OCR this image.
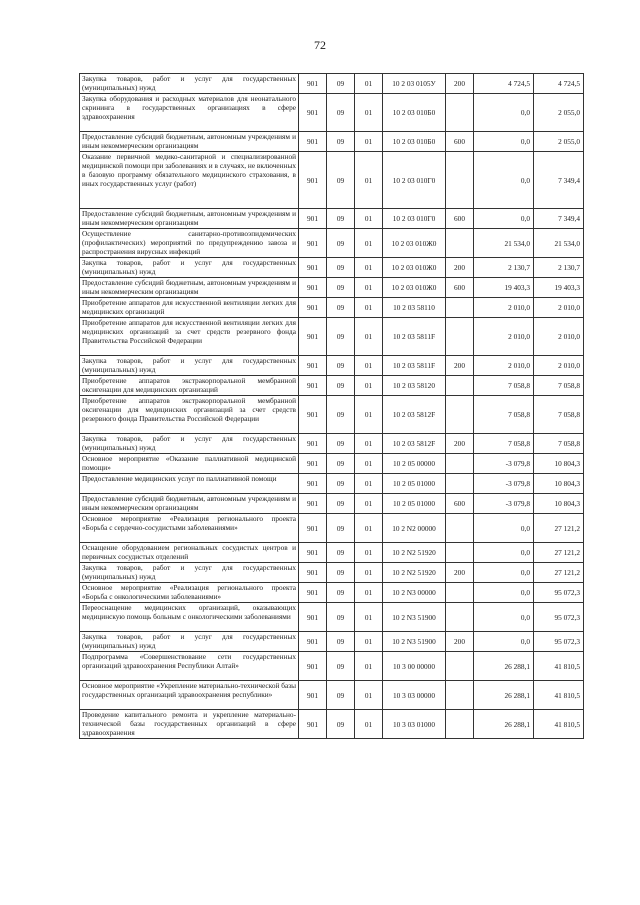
72
Закупка товаров, работ и услуг для государственных (муниципальных) нужд	901	09	01	10 2 03 0105У	200	4 724,5	4 724,5
Закупка оборудования и расходных материалов для неонатального скрининга в государственных организациях в сфере здравоохранения	901	09	01	10 2 03 010Б0		0,0	2 055,0
Предоставление субсидий бюджетным, автономным учреждениям и иным некоммерческим организациям	901	09	01	10 2 03 010Б0	600	0,0	2 055,0
Оказание первичной медико-санитарной и специализированной медицинской помощи при заболеваниях и в случаях, не включенных в базовую программу обязательного медицинского страхования, в иных государственных услуг (работ)	901	09	01	10 2 03 010Г0		0,0	7 349,4
Предоставление субсидий бюджетным, автономным учреждениям и иным некоммерческим организациям	901	09	01	10 2 03 010Г0	600	0,0	7 349,4
Осуществление санитарно-противоэпидемических (профилактических) мероприятий по предупреждению завоза и распространения вирусных инфекций	901	09	01	10 2 03 010Ж0		21 534,0	21 534,0
Закупка товаров, работ и услуг для государственных (муниципальных) нужд	901	09	01	10 2 03 010Ж0	200	2 130,7	2 130,7
Предоставление субсидий бюджетным, автономным учреждениям и иным некоммерческим организациям	901	09	01	10 2 03 010Ж0	600	19 403,3	19 403,3
Приобретение аппаратов для искусственной вентиляции легких для медицинских организаций	901	09	01	10 2 03 58110		2 010,0	2 010,0
Приобретение аппаратов для искусственной вентиляции легких для медицинских организаций за счет средств резервного фонда Правительства Российской Федерации	901	09	01	10 2 03 5811F		2 010,0	2 010,0
Закупка товаров, работ и услуг для государственных (муниципальных) нужд	901	09	01	10 2 03 5811F	200	2 010,0	2 010,0
Приобретение аппаратов экстракорпоральной мембранной оксигенации для медицинских организаций	901	09	01	10 2 03 58120		7 058,8	7 058,8
Приобретение аппаратов экстракорпоральной мембранной оксигенации для медицинских организаций за счет средств резервного фонда Правительства Российской Федерации	901	09	01	10 2 03 5812F		7 058,8	7 058,8
Закупка товаров, работ и услуг для государственных (муниципальных) нужд	901	09	01	10 2 03 5812F	200	7 058,8	7 058,8
Основное мероприятие «Оказание паллиативной медицинской помощи»	901	09	01	10 2 05 00000		-3 079,8	10 804,3
Предоставление медицинских услуг по паллиативной помощи	901	09	01	10 2 05 01000		-3 079,8	10 804,3
Предоставление субсидий бюджетным, автономным учреждениям и иным некоммерческим организациям	901	09	01	10 2 05 01000	600	-3 079,8	10 804,3
Основное мероприятие «Реализация регионального проекта «Борьба с сердечно-сосудистыми заболеваниями»	901	09	01	10 2 N2 00000		0,0	27 121,2
Оснащение оборудованием региональных сосудистых центров и первичных сосудистых отделений	901	09	01	10 2 N2 51920		0,0	27 121,2
Закупка товаров, работ и услуг для государственных (муниципальных) нужд	901	09	01	10 2 N2 51920	200	0,0	27 121,2
Основное мероприятие «Реализация регионального проекта «Борьба с онкологическими заболеваниями»	901	09	01	10 2 N3 00000		0,0	95 072,3
Переоснащение медицинских организаций, оказывающих медицинскую помощь больным с онкологическими заболеваниями	901	09	01	10 2 N3 51900		0,0	95 072,3
Закупка товаров, работ и услуг для государственных (муниципальных) нужд	901	09	01	10 2 N3 51900	200	0,0	95 072,3
Подпрограмма «Совершенствование сети государственных организаций здравоохранения Республики Алтай»	901	09	01	10 3 00 00000		26 288,1	41 810,5
Основное мероприятие «Укрепление материально-технической базы государственных организаций здравоохранения республики»	901	09	01	10 3 03 00000		26 288,1	41 810,5
Проведение капитального ремонта и укрепление материально-технической базы государственных организаций в сфере здравоохранения	901	09	01	10 3 03 01000		26 288,1	41 810,5
